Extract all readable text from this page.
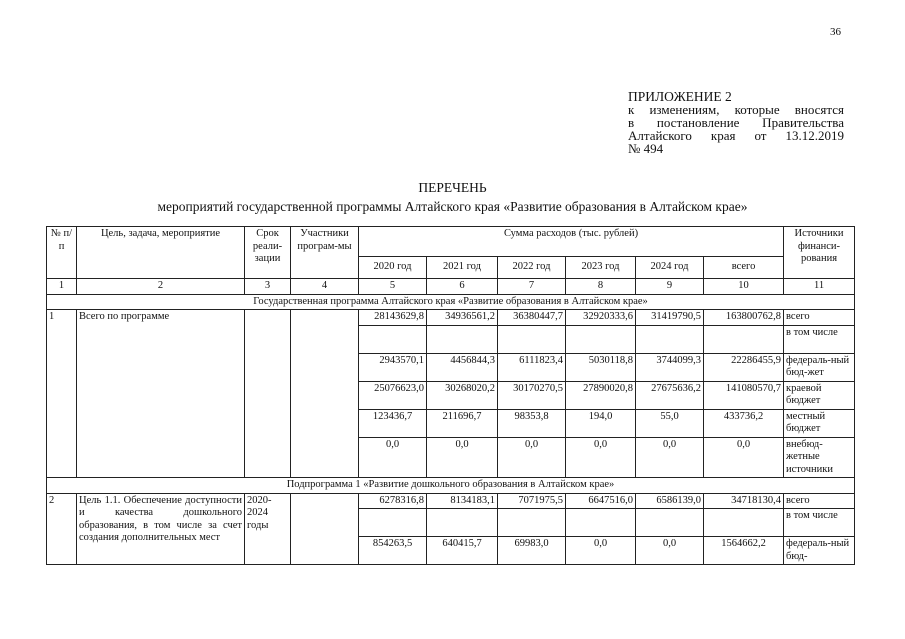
36
ПРИЛОЖЕНИЕ 2
к изменениям, которые вносятся
в постановление Правительства
Алтайского края от 13.12.2019
№ 494
ПЕРЕЧЕНЬ
мероприятий государственной программы Алтайского края «Развитие образования в Алтайском крае»
№ п/п	Цель, задача, мероприятие	Срок реали-зации	Участники програм-мы	Сумма расходов (тыс. рублей)						Источники финанси-рования
				2020 год	2021 год	2022 год	2023 год	2024 год	всего	
1	2	3	4	5	6	7	8	9	10	11
Государственная программа Алтайского края «Развитие образования в Алтайском крае»										
1	Всего по программе			28143629,8	34936561,2	36380447,7	32920333,6	31419790,5	163800762,8	всего
										в том числе
				2943570,1	4456844,3	6111823,4	5030118,8	3744099,3	22286455,9	федераль-ный бюд-жет
				25076623,0	30268020,2	30170270,5	27890020,8	27675636,2	141080570,7	краевой бюджет
				123436,7	211696,7	98353,8	194,0	55,0	433736,2	местный бюджет
				0,0	0,0	0,0	0,0	0,0	0,0	внебюд-жетные источники
Подпрограмма 1 «Развитие дошкольного образования в Алтайском крае»										
2	Цель 1.1. Обеспечение доступности и качества дошкольного образования, в том числе за счет создания дополнительных мест	2020-2024 годы		6278316,8	8134183,1	7071975,5	6647516,0	6586139,0	34718130,4	всего
										в том числе
				854263,5	640415,7	69983,0	0,0	0,0	1564662,2	федераль-ный бюд-
